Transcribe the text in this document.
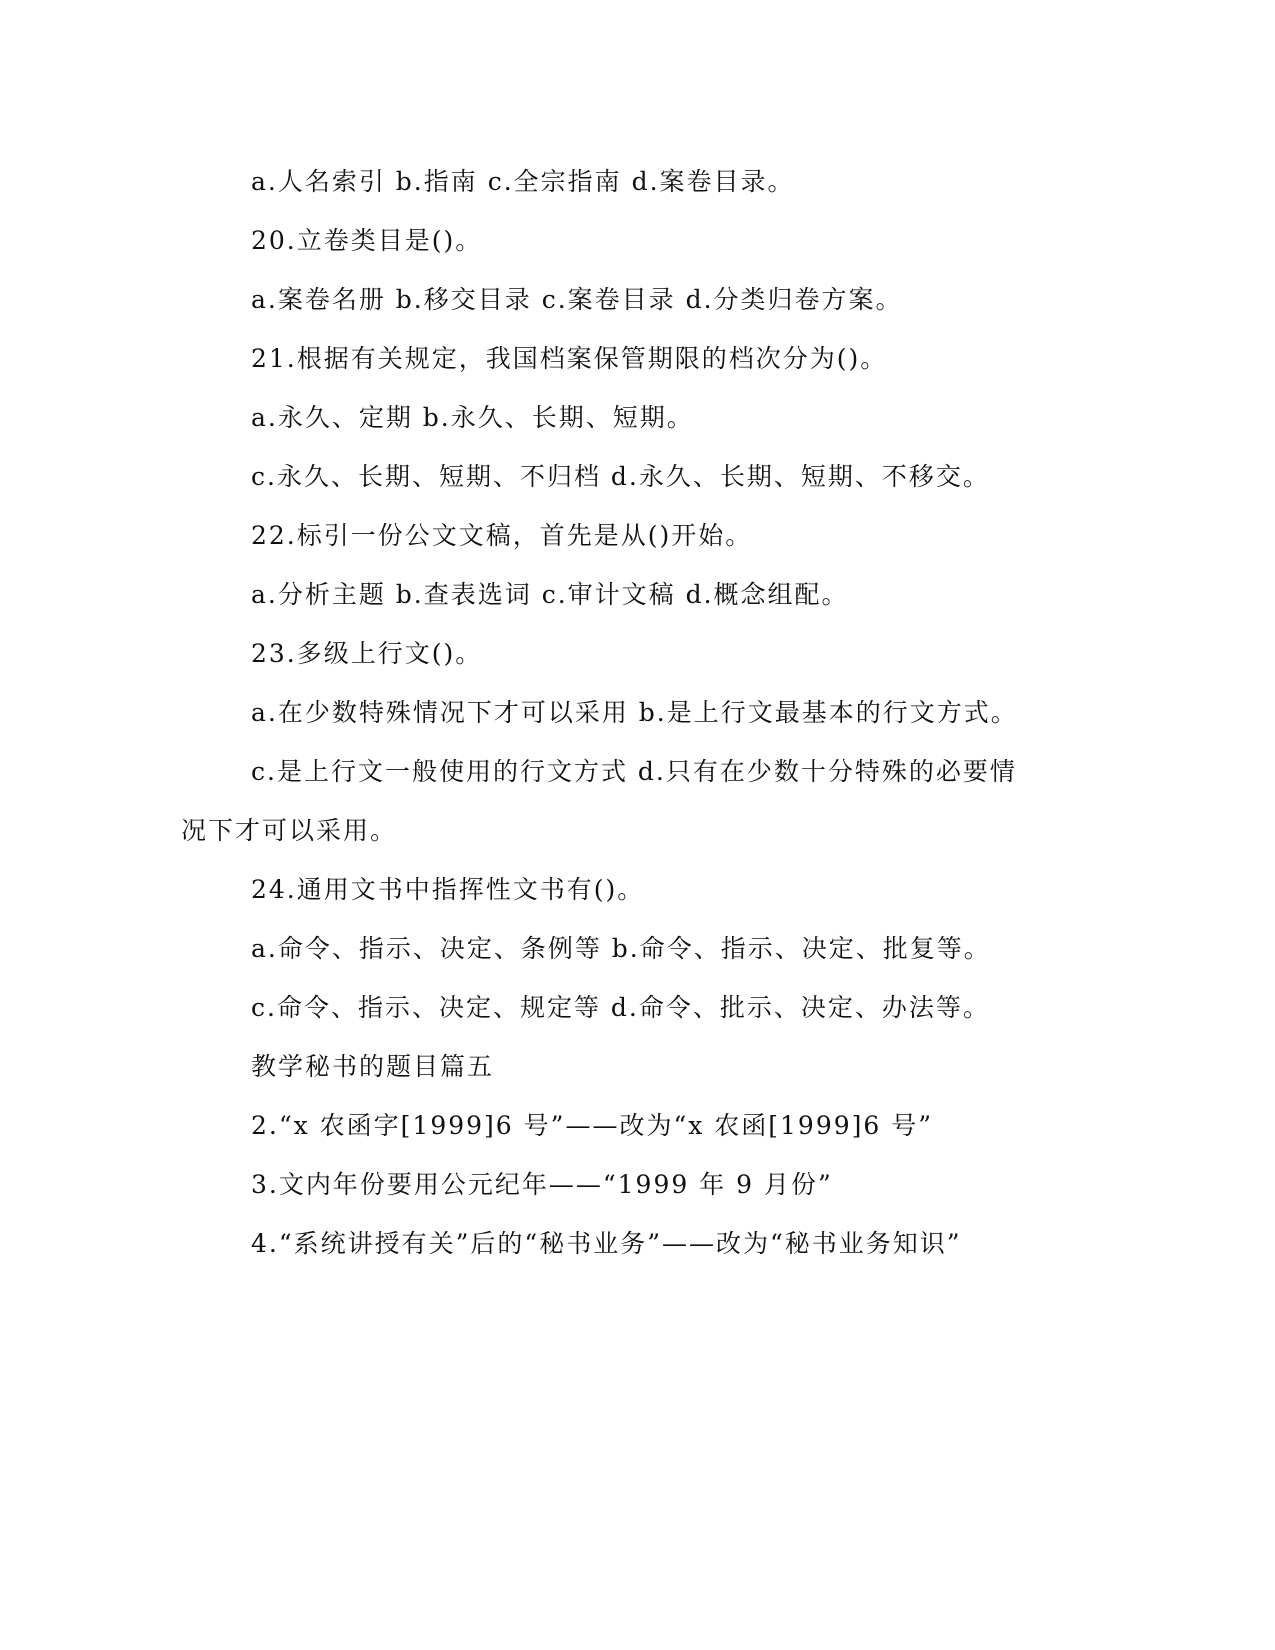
a.人名索引 b.指南 c.全宗指南 d.案卷目录。
20.立卷类目是()。
a.案卷名册 b.移交目录 c.案卷目录 d.分类归卷方案。
21.根据有关规定，我国档案保管期限的档次分为()。
a.永久、定期 b.永久、长期、短期。
c.永久、长期、短期、不归档 d.永久、长期、短期、不移交。
22.标引一份公文文稿，首先是从()开始。
a.分析主题 b.查表选词 c.审计文稿 d.概念组配。
23.多级上行文()。
a.在少数特殊情况下才可以采用 b.是上行文最基本的行文方式。
c.是上行文一般使用的行文方式 d.只有在少数十分特殊的必要情
况下才可以采用。
24.通用文书中指挥性文书有()。
a.命令、指示、决定、条例等 b.命令、指示、决定、批复等。
c.命令、指示、决定、规定等 d.命令、批示、决定、办法等。
教学秘书的题目篇五
2.“x 农函字[1999]6 号”——改为“x 农函[1999]6 号”
3.文内年份要用公元纪年——“1999 年 9 月份”
4.“系统讲授有关”后的“秘书业务”——改为“秘书业务知识”
